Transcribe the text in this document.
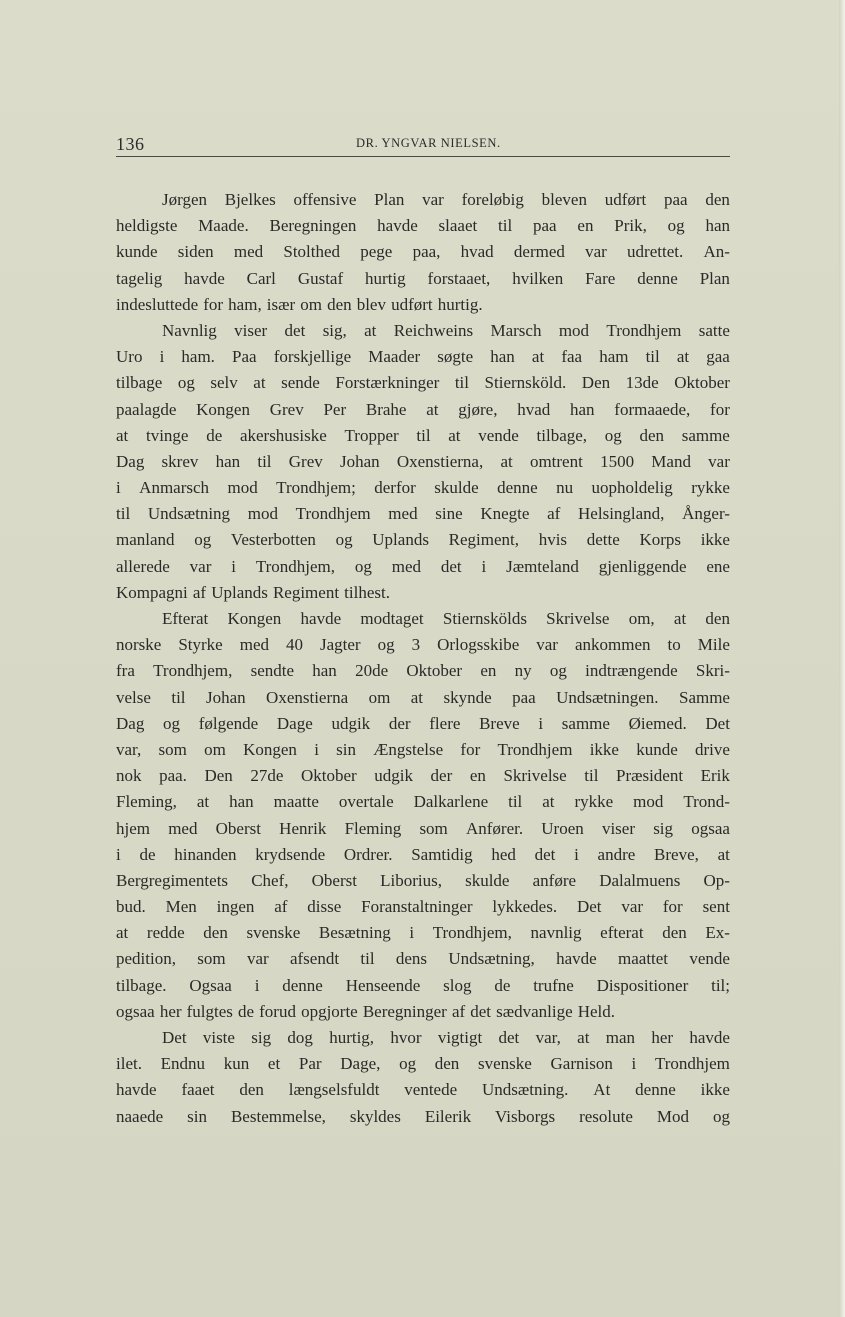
136	DR. YNGVAR NIELSEN.
Jørgen Bjelkes offensive Plan var foreløbig bleven udført paa den
heldigste Maade. Beregningen havde slaaet til paa en Prik, og han
kunde siden med Stolthed pege paa, hvad dermed var udrettet. An-
tagelig havde Carl Gustaf hurtig forstaaet, hvilken Fare denne Plan
indesluttede for ham, især om den blev udført hurtig.
Navnlig viser det sig, at Reichweins Marsch mod Trondhjem satte
Uro i ham. Paa forskjellige Maader søgte han at faa ham til at gaa
tilbage og selv at sende Forstærkninger til Stiernsköld. Den 13de Oktober
paalagde Kongen Grev Per Brahe at gjøre, hvad han formaaede, for
at tvinge de akershusiske Tropper til at vende tilbage, og den samme
Dag skrev han til Grev Johan Oxenstierna, at omtrent 1500 Mand var
i Anmarsch mod Trondhjem; derfor skulde denne nu uopholdelig rykke
til Undsætning mod Trondhjem med sine Knegte af Helsingland, Ånger-
manland og Vesterbotten og Uplands Regiment, hvis dette Korps ikke
allerede var i Trondhjem, og med det i Jæmteland gjenliggende ene
Kompagni af Uplands Regiment tilhest.
Efterat Kongen havde modtaget Stiernskölds Skrivelse om, at den
norske Styrke med 40 Jagter og 3 Orlogsskibe var ankommen to Mile
fra Trondhjem, sendte han 20de Oktober en ny og indtrængende Skri-
velse til Johan Oxenstierna om at skynde paa Undsætningen. Samme
Dag og følgende Dage udgik der flere Breve i samme Øiemed. Det
var, som om Kongen i sin Ængstelse for Trondhjem ikke kunde drive
nok paa. Den 27de Oktober udgik der en Skrivelse til Præsident Erik
Fleming, at han maatte overtale Dalkarlene til at rykke mod Trond-
hjem med Oberst Henrik Fleming som Anfører. Uroen viser sig ogsaa
i de hinanden krydsende Ordrer. Samtidig hed det i andre Breve, at
Bergregimentets Chef, Oberst Liborius, skulde anføre Dalalmuens Op-
bud. Men ingen af disse Foranstaltninger lykkedes. Det var for sent
at redde den svenske Besætning i Trondhjem, navnlig efterat den Ex-
pedition, som var afsendt til dens Undsætning, havde maattet vende
tilbage. Ogsaa i denne Henseende slog de trufne Dispositioner til;
ogsaa her fulgtes de forud opgjorte Beregninger af det sædvanlige Held.
Det viste sig dog hurtig, hvor vigtigt det var, at man her havde
ilet. Endnu kun et Par Dage, og den svenske Garnison i Trondhjem
havde faaet den længselsfuldt ventede Undsætning. At denne ikke
naaede sin Bestemmelse, skyldes Eilerik Visborgs resolute Mod og
